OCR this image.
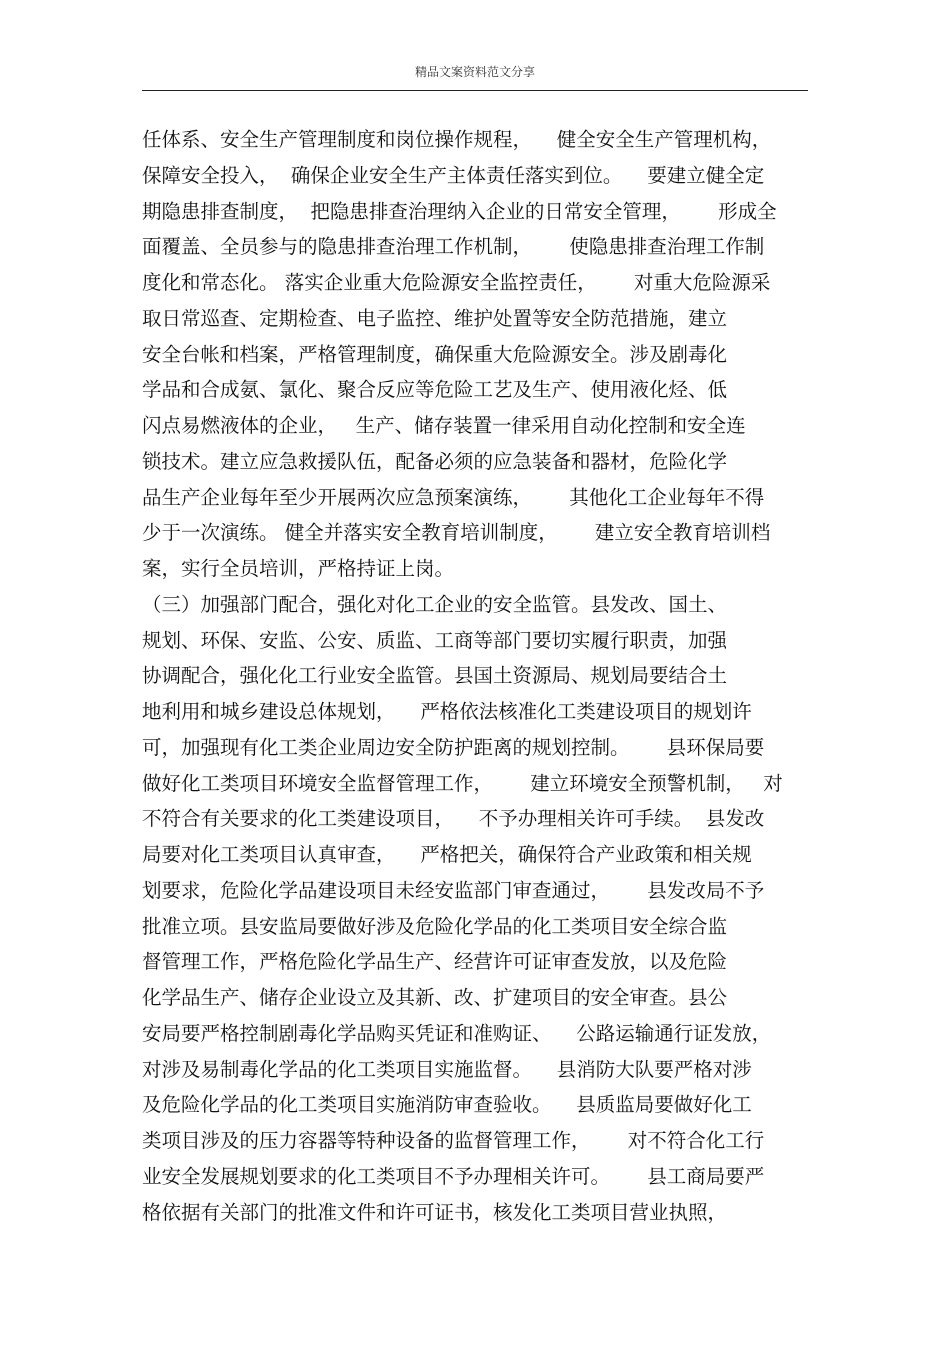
精品文案资料范文分享
任体系、安全生产管理制度和岗位操作规程，    健全安全生产管理机构，
保障安全投入，  确保企业安全生产主体责任落实到位。    要建立健全定
期隐患排查制度，  把隐患排查治理纳入企业的日常安全管理，      形成全
面覆盖、全员参与的隐患排查治理工作机制，      使隐患排查治理工作制
度化和常态化。 落实企业重大危险源安全监控责任，      对重大危险源采
取日常巡查、定期检查、电子监控、维护处置等安全防范措施，建立
安全台帐和档案，严格管理制度，确保重大危险源安全。涉及剧毒化
学品和合成氨、氯化、聚合反应等危险工艺及生产、使用液化烃、低
闪点易燃液体的企业，   生产、储存装置一律采用自动化控制和安全连
锁技术。建立应急救援队伍，配备必须的应急装备和器材，危险化学
品生产企业每年至少开展两次应急预案演练，      其他化工企业每年不得
少于一次演练。 健全并落实安全教育培训制度，      建立安全教育培训档
案，实行全员培训，严格持证上岗。
（三）加强部门配合，强化对化工企业的安全监管。县发改、国土、
规划、环保、安监、公安、质监、工商等部门要切实履行职责，加强
协调配合，强化化工行业安全监管。县国土资源局、规划局要结合土
地利用和城乡建设总体规划，    严格依法核准化工类建设项目的规划许
可，加强现有化工类企业周边安全防护距离的规划控制。      县环保局要
做好化工类项目环境安全监督管理工作，      建立环境安全预警机制，   对
不符合有关要求的化工类建设项目，    不予办理相关许可手续。  县发改
局要对化工类项目认真审查，    严格把关，确保符合产业政策和相关规
划要求，危险化学品建设项目未经安监部门审查通过，      县发改局不予
批准立项。县安监局要做好涉及危险化学品的化工类项目安全综合监
督管理工作，严格危险化学品生产、经营许可证审查发放，以及危险
化学品生产、储存企业设立及其新、改、扩建项目的安全审查。县公
安局要严格控制剧毒化学品购买凭证和准购证、    公路运输通行证发放，
对涉及易制毒化学品的化工类项目实施监督。    县消防大队要严格对涉
及危险化学品的化工类项目实施消防审查验收。    县质监局要做好化工
类项目涉及的压力容器等特种设备的监督管理工作，      对不符合化工行
业安全发展规划要求的化工类项目不予办理相关许可。      县工商局要严
格依据有关部门的批准文件和许可证书，核发化工类项目营业执照，
